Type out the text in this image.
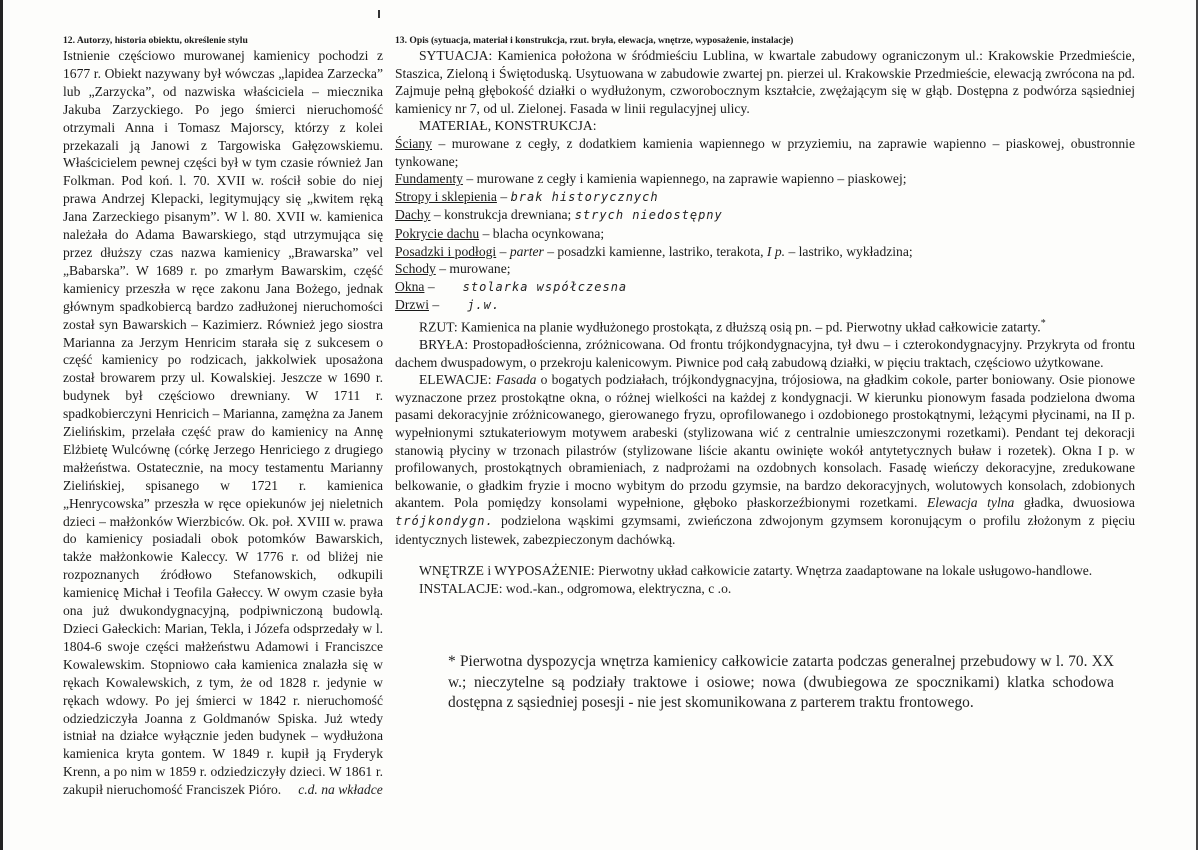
12. Autorzy, historia obiektu, określenie stylu

Istnienie częściowo murowanej kamienicy pochodzi z 1677 r. Obiekt nazywany był wówczas „lapidea Zarzecka” lub „Zarzycka”, od nazwiska właściciela – miecznika Jakuba Zarzyckiego. Po jego śmierci nieruchomość otrzymali Anna i Tomasz Majorscy, którzy z kolei przekazali ją Janowi z Targowiska Gałęzowskiemu. Właścicielem pewnej części był w tym czasie również Jan Folkman. Pod koń. l. 70. XVII w. rościł sobie do niej prawa Andrzej Klepacki, legitymujący się „kwitem ręką Jana Zarzeckiego pisanym”. W l. 80. XVII w. kamienica należała do Adama Bawarskiego, stąd utrzymująca się przez dłuższy czas nazwa kamienicy „Brawarska” vel „Babarska”. W 1689 r. po zmarłym Bawarskim, część kamienicy przeszła w ręce zakonu Jana Bożego, jednak głównym spadkobiercą bardzo zadłużonej nieruchomości został syn Bawarskich – Kazimierz. Również jego siostra Marianna za Jerzym Henricim starała się z sukcesem o część kamienicy po rodzicach, jakkolwiek uposażona został browarem przy ul. Kowalskiej. Jeszcze w 1690 r. budynek był częściowo drewniany. W 1711 r. spadkobierczyni Henricich – Marianna, zamężna za Janem Zielińskim, przelała część praw do kamienicy na Annę Elżbietę Wulcównę (córkę Jerzego Henriciego z drugiego małżeństwa. Ostatecznie, na mocy testamentu Marianny Zielińskiej, spisanego w 1721 r. kamienica „Henrycowska” przeszła w ręce opiekunów jej nieletnich dzieci – małżonków Wierzbiców. Ok. poł. XVIII w. prawa do kamienicy posiadali obok potomków Bawarskich, także małżonkowie Kaleccy. W 1776 r. od bliżej nie rozpoznanych źródłowo Stefanowskich, odkupili kamienicę Michał i Teofila Gałeccy. W owym czasie była ona już dwukondygnacyjną, podpiwniczoną budowlą. Dzieci Gałeckich: Marian, Tekla, i Józefa odsprzedały w l. 1804-6 swoje części małżeństwu Adamowi i Franciszce Kowalewskim. Stopniowo cała kamienica znalazła się w rękach Kowalewskich, z tym, że od 1828 r. jedynie w rękach wdowy. Po jej śmierci w 1842 r. nieruchomość odziedziczyła Joanna z Goldmanów Spiska. Już wtedy istniał na działce wyłącznie jeden budynek – wydłużona kamienica kryta gontem. W 1849 r. kupił ją Fryderyk Krenn, a po nim w 1859 r. odziedziczyły dzieci. W 1861 r. zakupił nieruchomość Franciszek Pióro. c.d. na wkładce

13. Opis (sytuacja, materiał i konstrukcja, rzut. bryła, elewacja, wnętrze, wyposażenie, instalacje)

SYTUACJA: Kamienica położona w śródmieściu Lublina, w kwartale zabudowy ograniczonym ul.: Krakowskie Przedmieście, Staszica, Zieloną i Świętoduską. Usytuowana w zabudowie zwartej pn. pierzei ul. Krakowskie Przedmieście, elewacją zwrócona na pd. Zajmuje pełną głębokość działki o wydłużonym, czworobocznym kształcie, zwężającym się w głąb. Dostępna z podwórza sąsiedniej kamienicy nr 7, od ul. Zielonej. Fasada w linii regulacyjnej ulicy.

MATERIAŁ, KONSTRUKCJA:

Ściany – murowane z cegły, z dodatkiem kamienia wapiennego w przyziemiu, na zaprawie wapienno – piaskowej, obustronnie tynkowane;

Fundamenty – murowane z cegły i kamienia wapiennego, na zaprawie wapienno – piaskowej;

Stropy i sklepienia – brak historycznych

Dachy – konstrukcja drewniana; strych niedostępny

Pokrycie dachu – blacha ocynkowana;

Posadzki i podłogi – parter – posadzki kamienne, lastriko, terakota, I p. – lastriko, wykładzina;

Schody – murowane;

Okna – stolarka współczesna

Drzwi – j.w.

RZUT: Kamienica na planie wydłużonego prostokąta, z dłuższą osią pn. – pd. Pierwotny układ całkowicie zatarty.*

BRYŁA: Prostopadłościenna, zróżnicowana. Od frontu trójkondygnacyjna, tył dwu – i czterokondygnacyjny. Przykryta od frontu dachem dwuspadowym, o przekroju kalenicowym. Piwnice pod całą zabudową działki, w pięciu traktach, częściowo użytkowane.

ELEWACJE: Fasada o bogatych podziałach, trójkondygnacyjna, trójosiowa, na gładkim cokole, parter boniowany. Osie pionowe wyznaczone przez prostokątne okna, o różnej wielkości na każdej z kondygnacji. W kierunku pionowym fasada podzielona dwoma pasami dekoracyjnie zróżnicowanego, gierowanego fryzu, oprofilowanego i ozdobionego prostokątnymi, leżącymi płycinami, na II p. wypełnionymi sztukateriowym motywem arabeski (stylizowana wić z centralnie umieszczonymi rozetkami). Pendant tej dekoracji stanowią płyciny w trzonach pilastrów (stylizowane liście akantu owinięte wokół antytetycznych buław i rozetek). Okna I p. w profilowanych, prostokątnych obramieniach, z nadprożami na ozdobnych konsolach. Fasadę wieńczy dekoracyjne, zredukowane belkowanie, o gładkim fryzie i mocno wybitym do przodu gzymsie, na bardzo dekoracyjnych, wolutowych konsolach, zdobionych akantem. Pola pomiędzy konsolami wypełnione, głęboko płaskorzeźbionymi rozetkami. Elewacja tylna gładka, dwuosiowa trójkondygn. podzielona wąskimi gzymsami, zwieńczona zdwojonym gzymsem koronującym o profilu złożonym z pięciu identycznych listewek, zabezpieczonym dachówką.

WNĘTRZE i WYPOSAŻENIE: Pierwotny układ całkowicie zatarty. Wnętrza zaadaptowane na lokale usługowo-handlowe.

INSTALACJE: wod.-kan., odgromowa, elektryczna, c .o.

* Pierwotna dyspozycja wnętrza kamienicy całkowicie zatarta podczas generalnej przebudowy w l. 70. XX w.; nieczytelne są podziały traktowe i osiowe; nowa (dwubiegowa ze spocznikami) klatka schodowa dostępna z sąsiedniej posesji - nie jest skomunikowana z parterem traktu frontowego.
